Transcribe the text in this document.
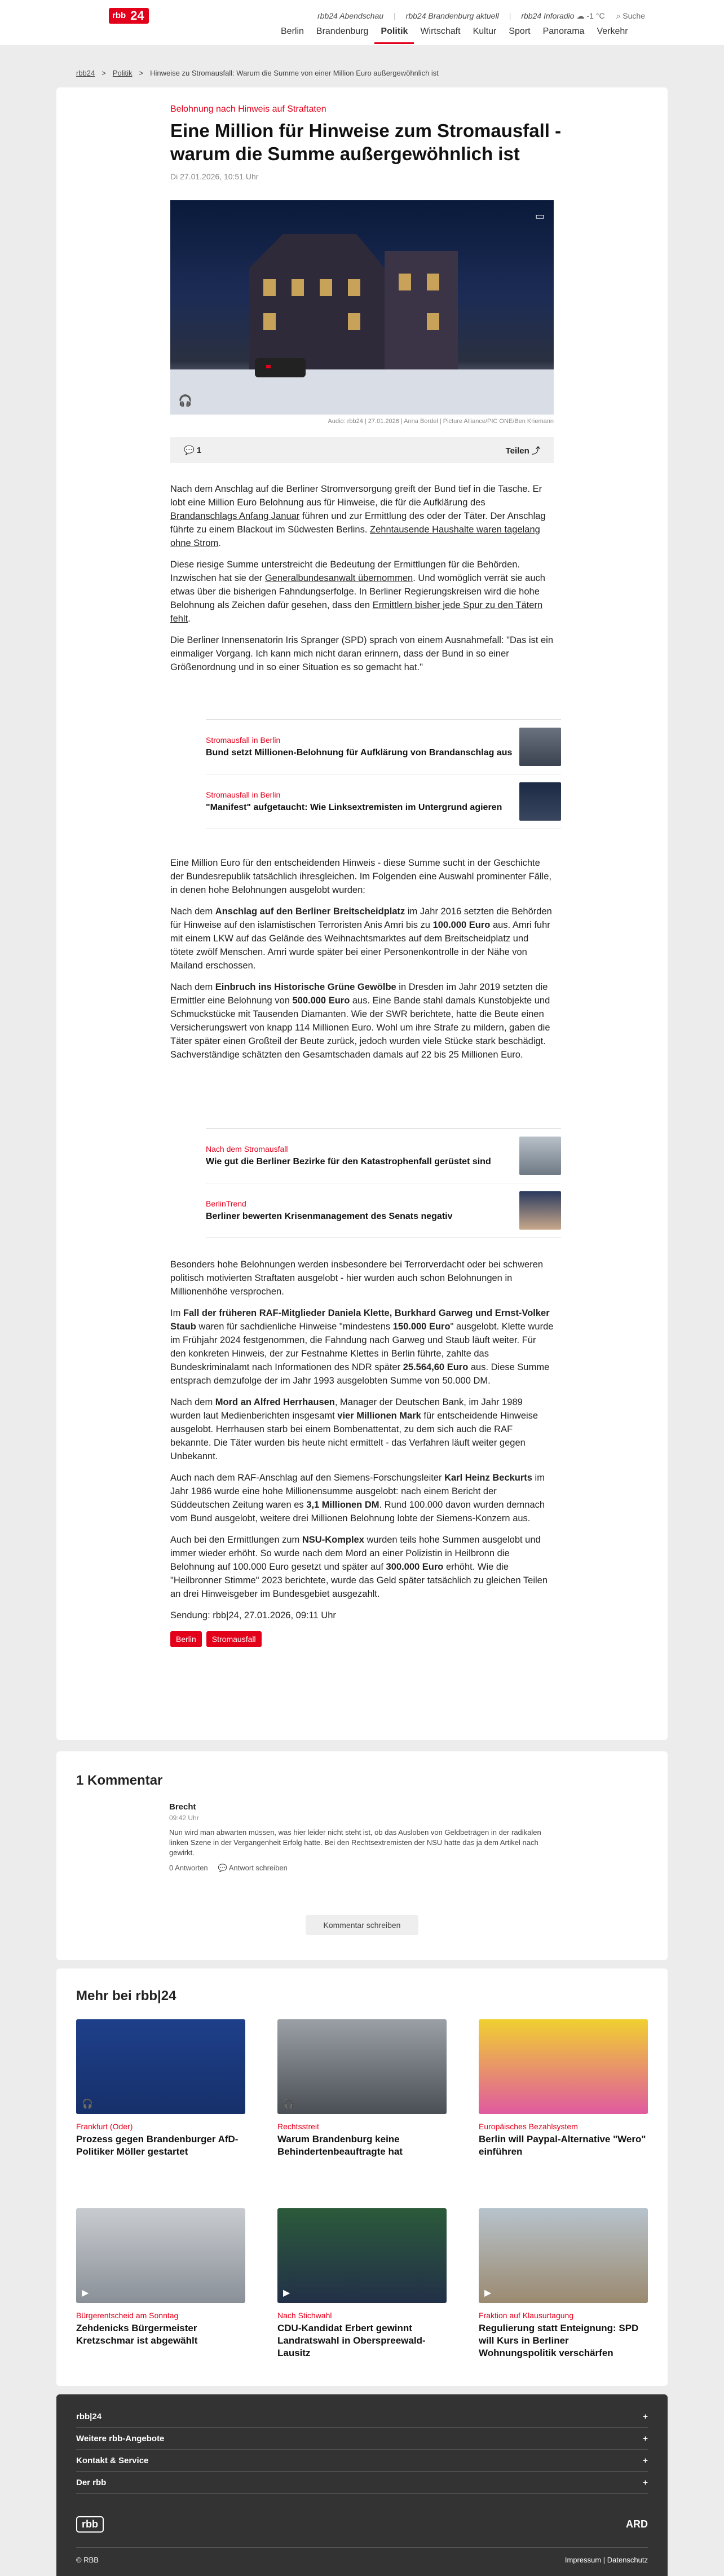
rbb 24	rbb24 Abendschau | rbb24 Brandenburg aktuell | rbb24 Inforadio ☁ -1 °C ⌕ Suche
Berlin	Brandenburg	Politik	Wirtschaft	Kultur	Sport	Panorama	Verkehr
rbb24 > Politik > Hinweise zu Stromausfall: Warum die Summe von einer Million Euro außergewöhnlich ist
Belohnung nach Hinweis auf Straftaten
Eine Million für Hinweise zum Stromausfall -
warum die Summe außergewöhnlich ist
Di 27.01.2026, 10:51 Uhr
🎧
▭
Audio: rbb24 | 27.01.2026 | Anna Bordel | Picture Alliance/PIC ONE/Ben Kriemann
💬 1	Teilen ⤴

Nach dem Anschlag auf die Berliner Stromversorgung greift der Bund tief in die Tasche. Er lobt eine Million Euro Belohnung aus für Hinweise, die für die Aufklärung des Brandanschlags Anfang Januar führen und zur Ermittlung des oder der Täter. Der Anschlag führte zu einem Blackout im Südwesten Berlins. Zehntausende Haushalte waren tagelang ohne Strom.

Diese riesige Summe unterstreicht die Bedeutung der Ermittlungen für die Behörden. Inzwischen hat sie der Generalbundesanwalt übernommen. Und womöglich verrät sie auch etwas über die bisherigen Fahndungserfolge. In Berliner Regierungskreisen wird die hohe Belohnung als Zeichen dafür gesehen, dass den Ermittlern bisher jede Spur zu den Tätern fehlt.

Die Berliner Innensenatorin Iris Spranger (SPD) sprach von einem Ausnahmefall: "Das ist ein einmaliger Vorgang. Ich kann mich nicht daran erinnern, dass der Bund in so einer Größenordnung und in so einer Situation es so gemacht hat."

Stromausfall in Berlin
Bund setzt Millionen-Belohnung für Aufklärung von Brandanschlag aus
Stromausfall in Berlin
"Manifest" aufgetaucht: Wie Linksextremisten im Untergrund agieren

Eine Million Euro für den entscheidenden Hinweis - diese Summe sucht in der Geschichte der Bundesrepublik tatsächlich ihresgleichen. Im Folgenden eine Auswahl prominenter Fälle, in denen hohe Belohnungen ausgelobt wurden:

Nach dem Anschlag auf den Berliner Breitscheidplatz im Jahr 2016 setzten die Behörden für Hinweise auf den islamistischen Terroristen Anis Amri bis zu 100.000 Euro aus. Amri fuhr mit einem LKW auf das Gelände des Weihnachtsmarktes auf dem Breitscheidplatz und tötete zwölf Menschen. Amri wurde später bei einer Personenkontrolle in der Nähe von Mailand erschossen.

Nach dem Einbruch ins Historische Grüne Gewölbe in Dresden im Jahr 2019 setzten die Ermittler eine Belohnung von 500.000 Euro aus. Eine Bande stahl damals Kunstobjekte und Schmuckstücke mit Tausenden Diamanten. Wie der SWR berichtete, hatte die Beute einen Versicherungswert von knapp 114 Millionen Euro. Wohl um ihre Strafe zu mildern, gaben die Täter später einen Großteil der Beute zurück, jedoch wurden viele Stücke stark beschädigt. Sachverständige schätzten den Gesamtschaden damals auf 22 bis 25 Millionen Euro.

Nach dem Stromausfall
Wie gut die Berliner Bezirke für den Katastrophenfall gerüstet sind
BerlinTrend
Berliner bewerten Krisenmanagement des Senats negativ

Besonders hohe Belohnungen werden insbesondere bei Terrorverdacht oder bei schweren politisch motivierten Straftaten ausgelobt - hier wurden auch schon Belohnungen in Millionenhöhe versprochen.

Im Fall der früheren RAF-Mitglieder Daniela Klette, Burkhard Garweg und Ernst-Volker Staub waren für sachdienliche Hinweise "mindestens 150.000 Euro" ausgelobt. Klette wurde im Frühjahr 2024 festgenommen, die Fahndung nach Garweg und Staub läuft weiter. Für den konkreten Hinweis, der zur Festnahme Klettes in Berlin führte, zahlte das Bundeskriminalamt nach Informationen des NDR später 25.564,60 Euro aus. Diese Summe entsprach demzufolge der im Jahr 1993 ausgelobten Summe von 50.000 DM.

Nach dem Mord an Alfred Herrhausen, Manager der Deutschen Bank, im Jahr 1989 wurden laut Medienberichten insgesamt vier Millionen Mark für entscheidende Hinweise ausgelobt. Herrhausen starb bei einem Bombenattentat, zu dem sich auch die RAF bekannte. Die Täter wurden bis heute nicht ermittelt - das Verfahren läuft weiter gegen Unbekannt.

Auch nach dem RAF-Anschlag auf den Siemens-Forschungsleiter Karl Heinz Beckurts im Jahr 1986 wurde eine hohe Millionensumme ausgelobt: nach einem Bericht der Süddeutschen Zeitung waren es 3,1 Millionen DM. Rund 100.000 davon wurden demnach vom Bund ausgelobt, weitere drei Millionen Belohnung lobte der Siemens-Konzern aus.

Auch bei den Ermittlungen zum NSU-Komplex wurden teils hohe Summen ausgelobt und immer wieder erhöht. So wurde nach dem Mord an einer Polizistin in Heilbronn die Belohnung auf 100.000 Euro gesetzt und später auf 300.000 Euro erhöht. Wie die "Heilbronner Stimme" 2023 berichtete, wurde das Geld später tatsächlich zu gleichen Teilen an drei Hinweisgeber im Bundesgebiet ausgezahlt.

Sendung: rbb|24, 27.01.2026, 09:11 Uhr

Berlin Stromausfall
1 Kommentar
Brecht
09:42 Uhr
Nun wird man abwarten müssen, was hier leider nicht steht ist, ob das Ausloben von Geldbeträgen in der radikalen linken Szene in der Vergangenheit Erfolg hatte. Bei den Rechtsextremisten der NSU hatte das ja dem Artikel nach gewirkt.
0 Antworten 💬 Antwort schreiben
Kommentar schreiben
Mehr bei rbb|24
🎧
Frankfurt (Oder)
Prozess gegen Brandenburger AfD-Politiker Möller gestartet
🎧
Rechtsstreit
Warum Brandenburg keine Behindertenbeauftragte hat
Europäisches Bezahlsystem
Berlin will Paypal-Alternative "Wero" einführen
▶
Bürgerentscheid am Sonntag
Zehdenicks Bürgermeister Kretzschmar ist abgewählt
▶
Nach Stichwahl
CDU-Kandidat Erbert gewinnt Landratswahl in Oberspreewald-Lausitz
▶
Fraktion auf Klausurtagung
Regulierung statt Enteignung: SPD will Kurs in Berliner Wohnungspolitik verschärfen
rbb|24	+
Weitere rbb-Angebote	+
Kontakt & Service	+
Der rbb	+
rbb	ARD
© RBB	Impressum | Datenschutz
